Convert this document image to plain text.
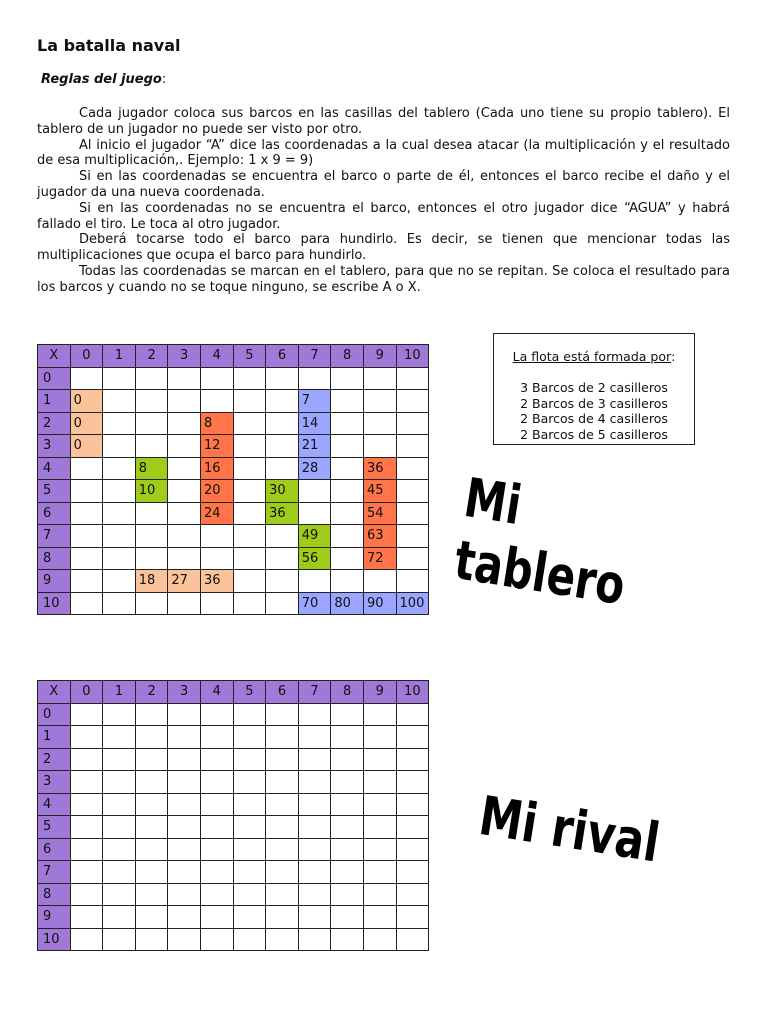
La batalla naval
Reglas del juego:

Cada jugador coloca sus barcos en las casillas del tablero (Cada uno tiene su propio tablero). El tablero de un jugador no puede ser visto por otro.

Al inicio el jugador “A” dice las coordenadas a la cual desea atacar (la multiplicación y el resultado de esa multiplicación,. Ejemplo: 1 x 9 = 9)

Si en las coordenadas se encuentra el barco o parte de él, entonces el barco recibe el daño y el jugador da una nueva coordenada.

Si en las coordenadas no se encuentra el barco, entonces el otro jugador dice “AGUA” y habrá fallado el tiro. Le toca al otro jugador.

Deberá tocarse todo el barco para hundirlo. Es decir, se tienen que mencionar todas las multiplicaciones que ocupa el barco para hundirlo.

Todas las coordenadas se marcan en el tablero, para que no se repitan. Se coloca el resultado para los barcos y cuando no se toque ninguno, se escribe A o X.

X	0	1	2	3	4	5	6	7	8	9	10
0											
1	0							7			
2	0				8			14			
3	0				12			21			
4			8		16			28		36	
5			10		20		30			45	
6					24		36			54	
7								49		63	
8								56		72	
9			18	27	36						
10								70	80	90	100
X	0	1	2	3	4	5	6	7	8	9	10
0											
1											
2											
3											
4											
5											
6											
7											
8											
9											
10											
La flota está formada por:
3 Barcos de 2 casilleros
2 Barcos de 3 casilleros
2 Barcos de 4 casilleros
2 Barcos de 5 casilleros
Mi tablero
Mi rival
